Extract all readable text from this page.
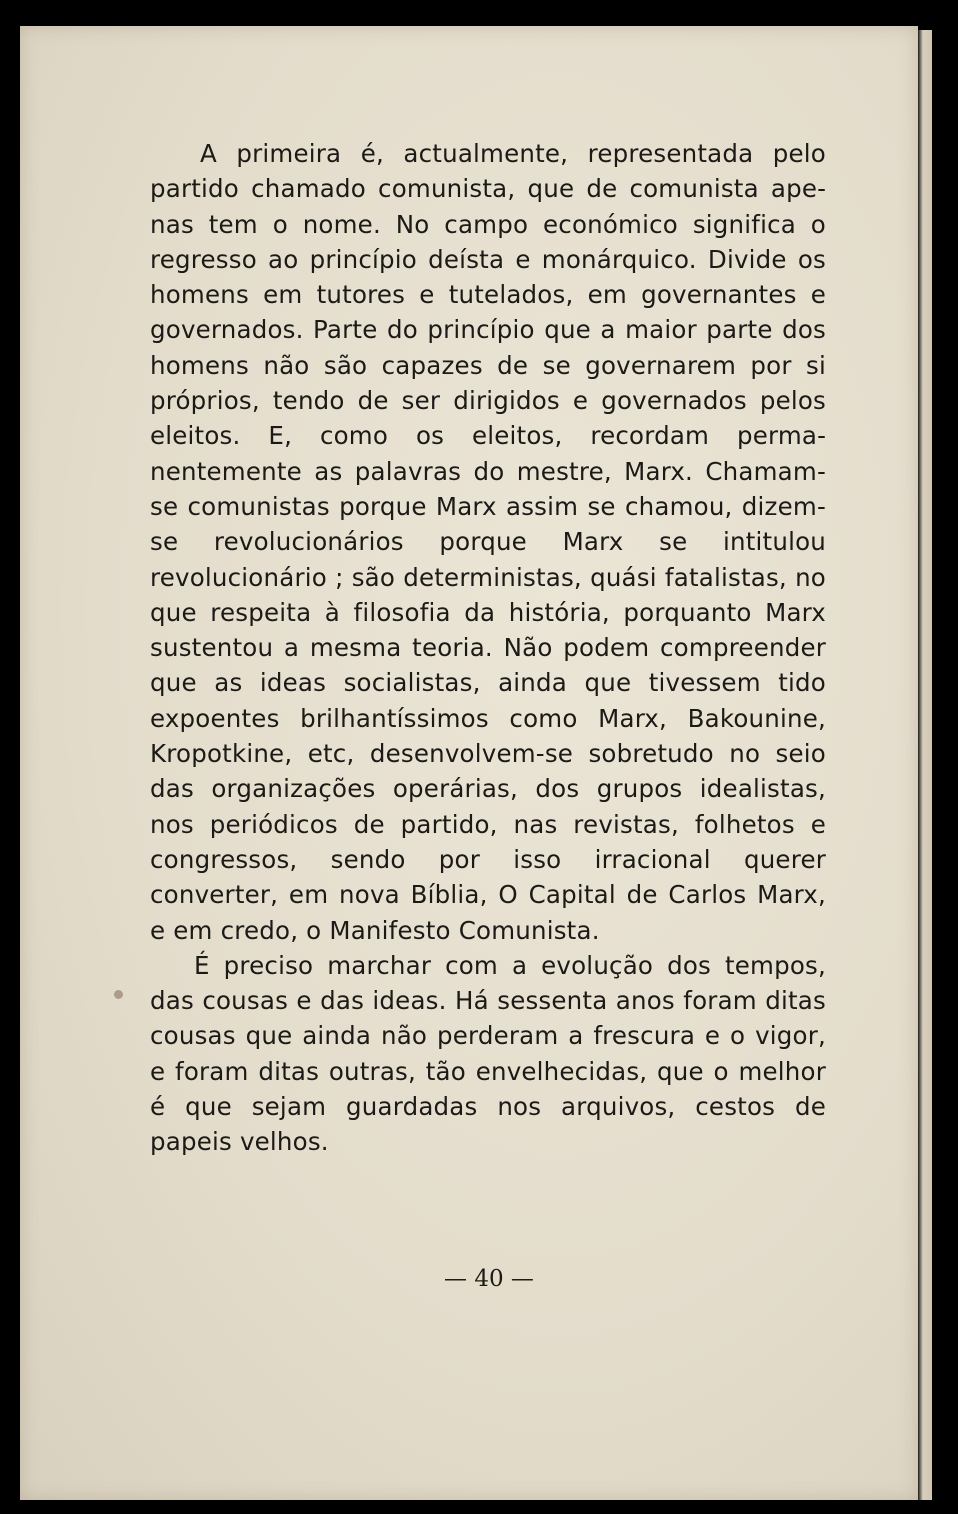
A primeira é, actualmente, representada pelo partido chamado comunista, que de comunista apenas tem o nome. No campo económico significa o regresso ao princípio deísta e monárquico. Divide os homens em tutores e tutelados, em governantes e governados. Parte do princípio que a maior parte dos homens não são capazes de se governarem por si próprios, tendo de ser dirigidos e governados pelos eleitos. E, como os eleitos, recordam permanentemente as palavras do mestre, Marx. Chamam-se comunistas porque Marx assim se chamou, dizem-se revolucionários porque Marx se intitulou revolucionário ; são deterministas, quási fatalistas, no que respeita à filosofia da história, porquanto Marx sustentou a mesma teoria. Não podem compreender que as ideas socialistas, ainda que tivessem tido expoentes brilhantíssimos como Marx, Bakounine, Kropotkine, etc, desenvolvem-se sobretudo no seio das organizações operárias, dos grupos idealistas, nos periódicos de partido, nas revistas, folhetos e congressos, sendo por isso irracional querer converter, em nova Bíblia, O Capital de Carlos Marx, e em credo, o Manifesto Comunista.

É preciso marchar com a evolução dos tempos, das cousas e das ideas. Há sessenta anos foram ditas cousas que ainda não perderam a frescura e o vigor, e foram ditas outras, tão envelhecidas, que o melhor é que sejam guardadas nos arquivos, cestos de papeis velhos.

— 40 —
